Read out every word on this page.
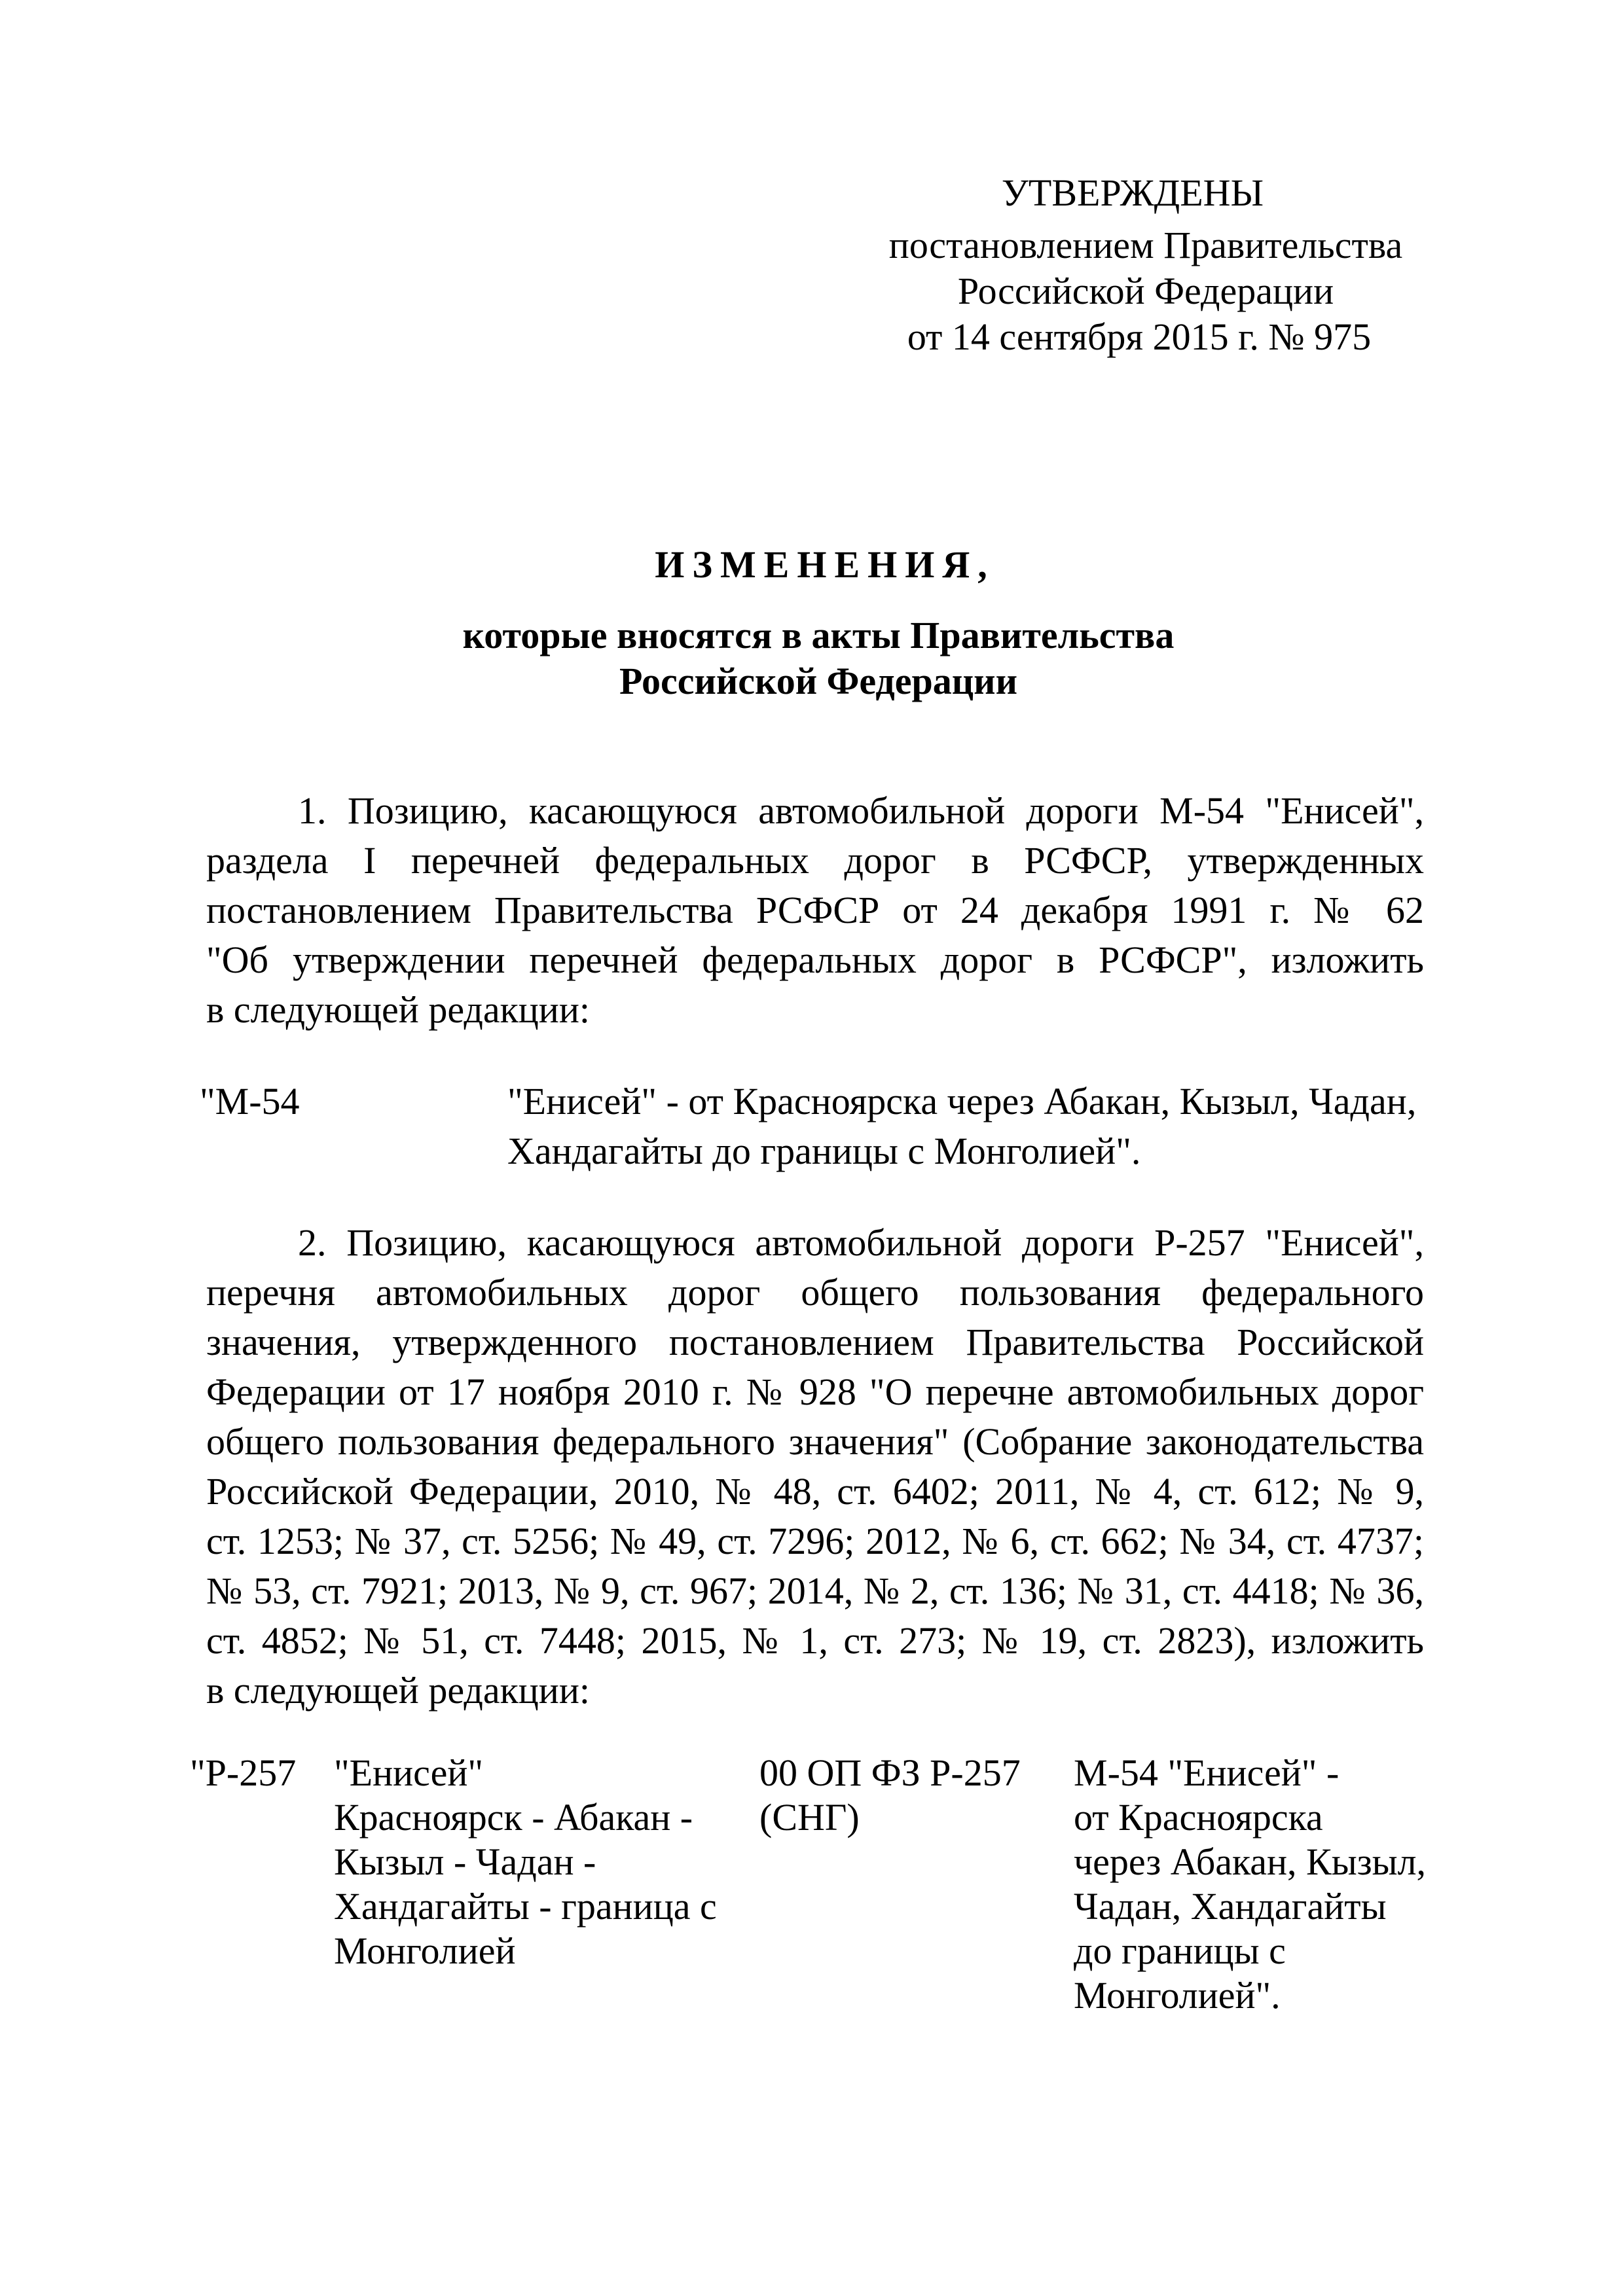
УТВЕРЖДЕНЫ
постановлением Правительства
Российской Федерации
от 14 сентября 2015 г. № 975
ИЗМЕНЕНИЯ,
которые вносятся в акты Правительства
Российской Федерации
1. Позицию, касающуюся автомобильной дороги М-54 "Енисей",
раздела I перечней федеральных дорог в РСФСР, утвержденных
постановлением Правительства РСФСР от 24 декабря 1991 г. № 62
"Об утверждении перечней федеральных дорог в РСФСР", изложить
в следующей редакции:
"М-54	"Енисей" - от Красноярска через Абакан, Кызыл, Чадан,
Хандагайты до границы с Монголией".
2. Позицию, касающуюся автомобильной дороги Р-257 "Енисей",
перечня автомобильных дорог общего пользования федерального
значения, утвержденного постановлением Правительства Российской
Федерации от 17 ноября 2010 г. № 928 "О перечне автомобильных дорог
общего пользования федерального значения" (Собрание законодательства
Российской Федерации, 2010, № 48, ст. 6402; 2011, № 4, ст. 612; № 9,
ст. 1253; № 37, ст. 5256; № 49, ст. 7296; 2012, № 6, ст. 662; № 34, ст. 4737;
№ 53, ст. 7921; 2013, № 9, ст. 967; 2014, № 2, ст. 136; № 31, ст. 4418; № 36,
ст. 4852; № 51, ст. 7448; 2015, № 1, ст. 273; № 19, ст. 2823), изложить
в следующей редакции:
"Р-257 "Енисей"
Красноярск - Абакан -
Кызыл - Чадан -
Хандагайты - граница с
Монголией
00 ОП ФЗ Р-257
(СНГ)
М-54 "Енисей" -
от Красноярска
через Абакан, Кызыл,
Чадан, Хандагайты
до границы с
Монголией".
